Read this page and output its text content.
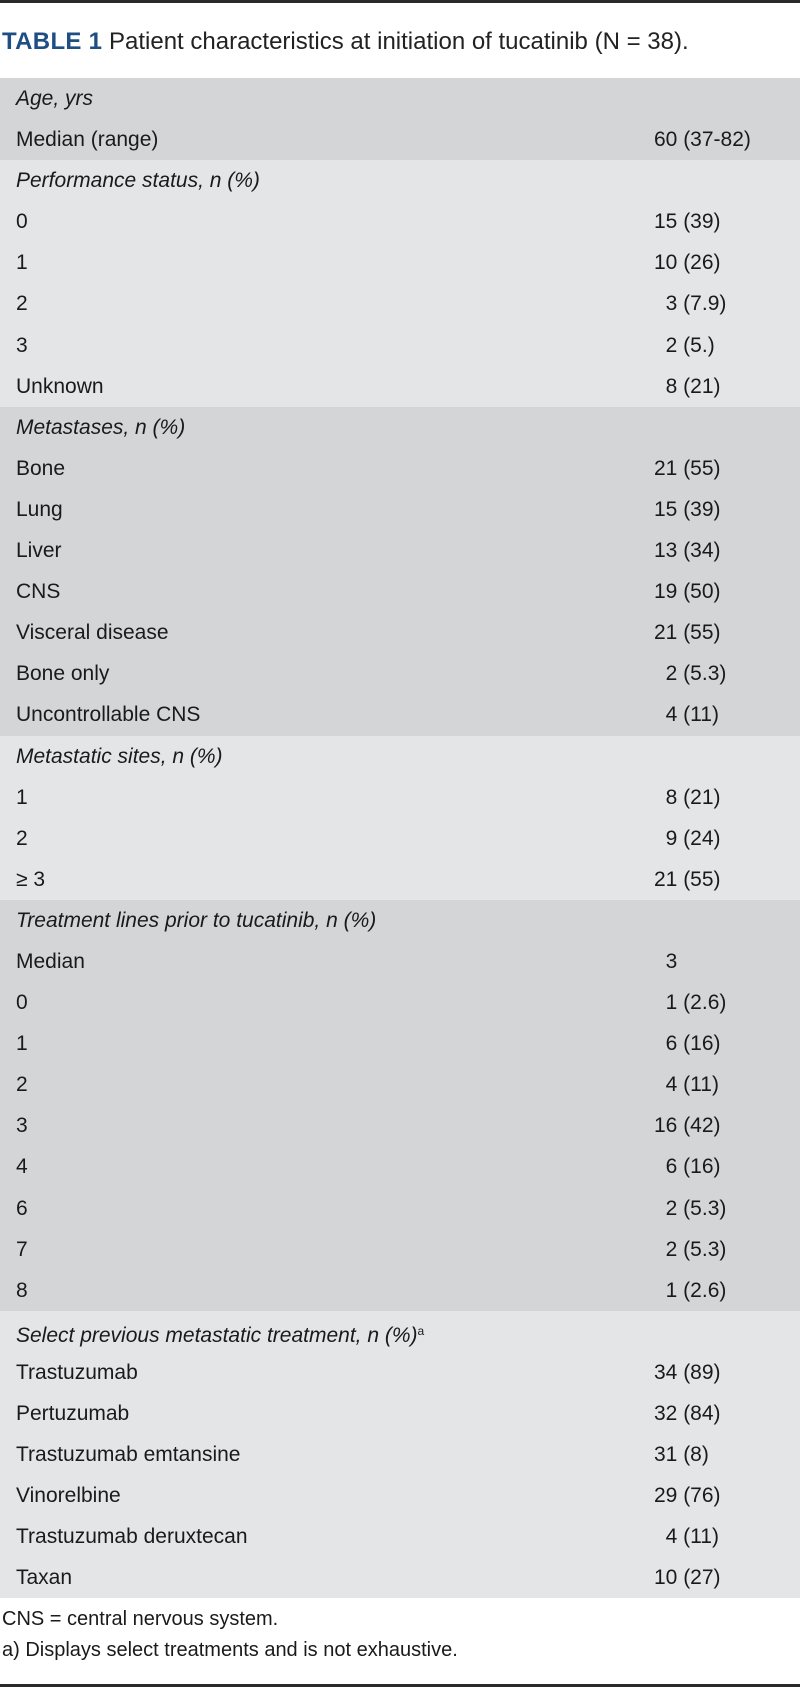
TABLE 1 Patient characteristics at initiation of tucatinib (N = 38).
Age, yrs
Median (range)	60 (37-82)
Performance status, n (%)
0	15 (39)
1	10 (26)
2	3 (7.9)
3	2 (5.)
Unknown	8 (21)
Metastases, n (%)
Bone	21 (55)
Lung	15 (39)
Liver	13 (34)
CNS	19 (50)
Visceral disease	21 (55)
Bone only	2 (5.3)
Uncontrollable CNS	4 (11)
Metastatic sites, n (%)
1	8 (21)
2	9 (24)
≥ 3	21 (55)
Treatment lines prior to tucatinib, n (%)
Median	3
0	1 (2.6)
1	6 (16)
2	4 (11)
3	16 (42)
4	6 (16)
6	2 (5.3)
7	2 (5.3)
8	1 (2.6)
Select previous metastatic treatment, n (%)$^a$
Trastuzumab	34 (89)
Pertuzumab	32 (84)
Trastuzumab emtansine	31 (8)
Vinorelbine	29 (76)
Trastuzumab deruxtecan	4 (11)
Taxan	10 (27)
CNS = central nervous system.
a) Displays select treatments and is not exhaustive.
